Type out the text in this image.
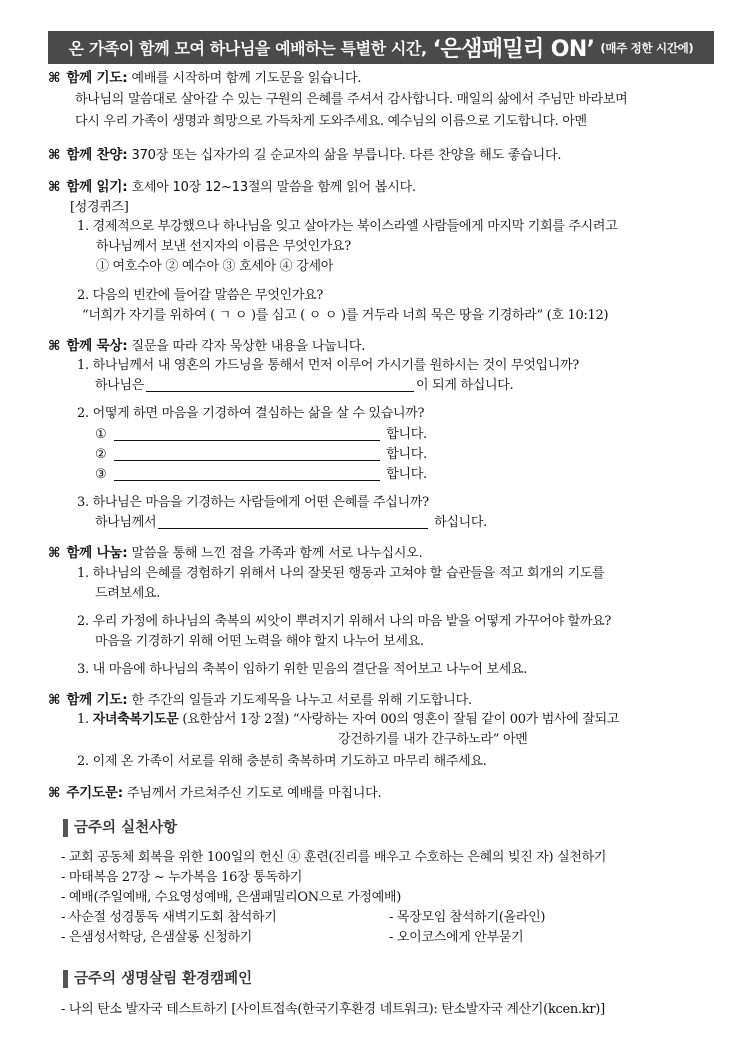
온 가족이 함께 모여 하나님을 예배하는 특별한 시간, ‘은샘패밀리 ON’ (매주 정한 시간에)
⌘ 함께 기도: 예배를 시작하며 함께 기도문을 읽습니다.
하나님의 말씀대로 살아갈 수 있는 구원의 은혜를 주셔서 감사합니다. 매일의 삶에서 주님만 바라보며
다시 우리 가족이 생명과 희망으로 가득차게 도와주세요. 예수님의 이름으로 기도합니다. 아멘
⌘ 함께 찬양: 370장 또는 십자가의 길 순교자의 삶을 부릅니다. 다른 찬양을 해도 좋습니다.
⌘ 함께 읽기: 호세아 10장 12~13절의 말씀을 함께 읽어 봅시다.
[성경퀴즈]
1. 경제적으로 부강했으나 하나님을 잊고 살아가는 북이스라엘 사람들에게 마지막 기회를 주시려고
하나님께서 보낸 선지자의 이름은 무엇인가요?
① 여호수아 ② 예수아 ③ 호세아 ④ 강세아
2. 다음의 빈칸에 들어갈 말씀은 무엇인가요?
“너희가 자기를 위하여 ( ㄱ ㅇ )를 심고 ( ㅇ ㅇ )를 거두라 너희 묵은 땅을 기경하라” (호 10:12)
⌘ 함께 묵상: 질문을 따라 각자 묵상한 내용을 나눕니다.
1. 하나님께서 내 영혼의 가드닝을 통해서 먼저 이루어 가시기를 원하시는 것이 무엇입니까?
하나님은	이 되게 하십니다.
2. 어떻게 하면 마음을 기경하여 결심하는 삶을 살 수 있습니까?
①	합니다.
②	합니다.
③	합니다.
3. 하나님은 마음을 기경하는 사람들에게 어떤 은혜를 주십니까?
하나님께서	하십니다.
⌘ 함께 나눔: 말씀을 통해 느낀 점을 가족과 함께 서로 나누십시오.
1. 하나님의 은혜를 경험하기 위해서 나의 잘못된 행동과 고쳐야 할 습관들을 적고 회개의 기도를
드려보세요.
2. 우리 가정에 하나님의 축복의 씨앗이 뿌려지기 위해서 나의 마음 밭을 어떻게 가꾸어야 할까요?
마음을 기경하기 위해 어떤 노력을 해야 할지 나누어 보세요.
3. 내 마음에 하나님의 축복이 임하기 위한 믿음의 결단을 적어보고 나누어 보세요.
⌘ 함께 기도: 한 주간의 일들과 기도제목을 나누고 서로를 위해 기도합니다.
1. 자녀축복기도문 (요한삼서 1장 2절) “사랑하는 자여 00의 영혼이 잘됨 같이 00가 범사에 잘되고
강건하기를 내가 간구하노라” 아멘
2. 이제 온 가족이 서로를 위해 충분히 축복하며 기도하고 마무리 해주세요.
⌘ 주기도문: 주님께서 가르쳐주신 기도로 예배를 마칩니다.
금주의 실천사항
- 교회 공동체 회복을 위한 100일의 헌신 ④ 훈련(진리를 배우고 수호하는 은혜의 빚진 자) 실천하기
- 마태복음 27장 ~ 누가복음 16장 통독하기
- 예배(주일예배, 수요영성예배, 은샘패밀리ON으로 가정예배)
- 사순절 성경통독 새벽기도회 참석하기	- 목장모임 참석하기(올라인)
- 은샘성서학당, 은샘살롱 신청하기	- 오이코스에게 안부묻기
금주의 생명살림 환경캠페인
- 나의 탄소 발자국 테스트하기 [사이트접속(한국기후환경 네트워크): 탄소발자국 계산기(kcen.kr)]
